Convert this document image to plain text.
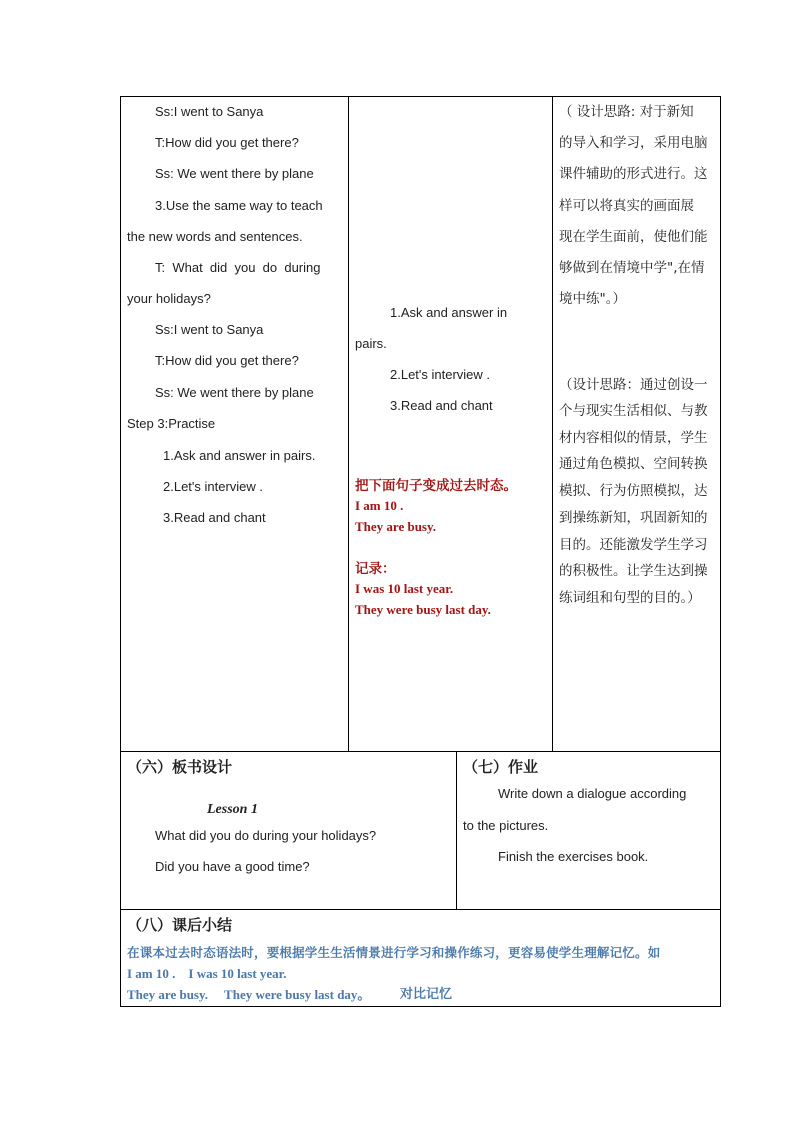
Ss:I went to Sanya
T:How did you get there?
Ss: We went there by plane
3.Use the same way to teach
the new words and sentences.
T:  What  did  you  do  during
your holidays?
Ss:I went to Sanya
T:How did you get there?
Ss: We went there by plane
Step 3:Practise
1.Ask and answer in pairs.
2.Let's interview .
3.Read and chant
1.Ask and answer in
pairs.
2.Let's interview .
3.Read and chant
把下面句子变成过去时态。
I am 10 .
They are busy.
记录：
I was 10 last year.
They were busy last day.
（ 设计思路: 对于新知
的导入和学习，采用电脑
课件辅助的形式进行。这
样可以将真实的画面展
现在学生面前，使他们能
够做到在情境中学",在情
境中练"。）
（设计思路：通过创设一
个与现实生活相似、与教
材内容相似的情景，学生
通过角色模拟、空间转换
模拟、行为仿照模拟，达
到操练新知，巩固新知的
目的。还能激发学生学习
的积极性。让学生达到操
练词组和句型的目的。）
（六）板书设计
Lesson 1
What did you do during your holidays?
Did you have a good time?
（七）作业
Write down a dialogue according
to the pictures.
Finish the exercises book.
（八）课后小结
在课本过去时态语法时，要根据学生生活情景进行学习和操作练习，更容易使学生理解记忆。如
I am 10 .    I was 10 last year.
They are busy.     They were busy last day。 对比记忆
